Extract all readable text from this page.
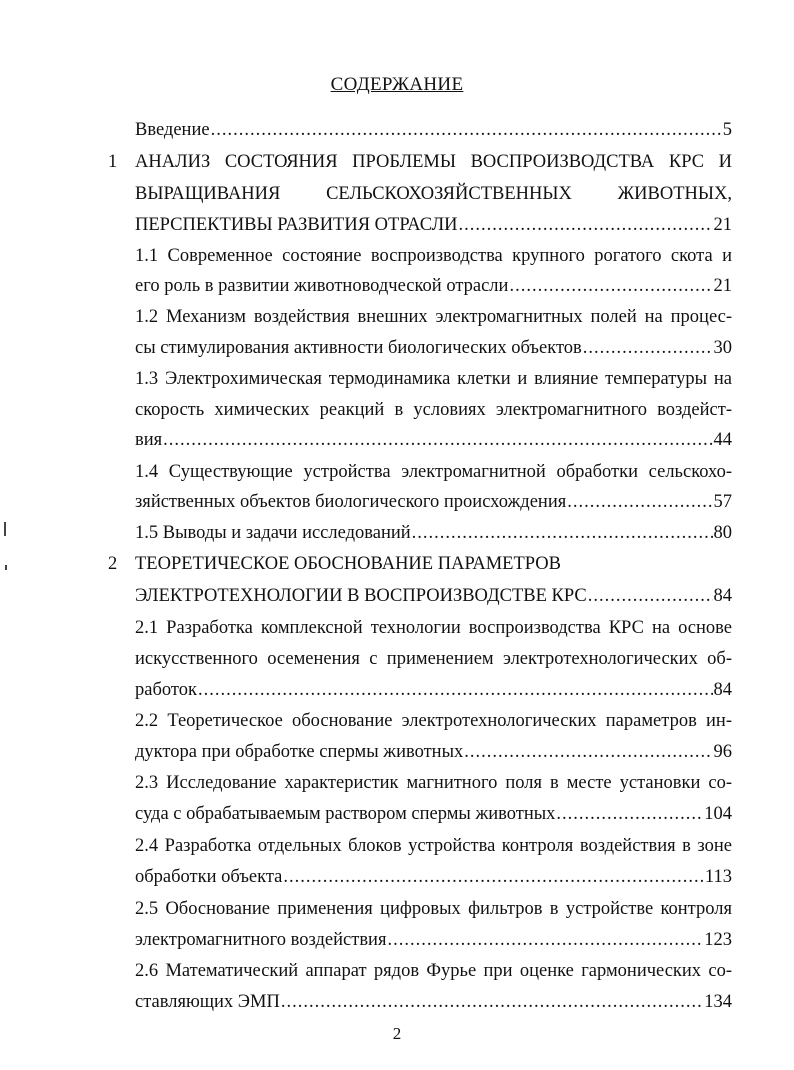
СОДЕРЖАНИЕ
Введение .....	5
1 АНАЛИЗ СОСТОЯНИЯ ПРОБЛЕМЫ ВОСПРОИЗВОДСТВА КРС И
ВЫРАЩИВАНИЯ СЕЛЬСКОХОЗЯЙСТВЕННЫХ ЖИВОТНЫХ,
ПЕРСПЕКТИВЫ РАЗВИТИЯ ОТРАСЛИ .....	21
1.1 Современное состояние воспроизводства крупного рогатого скота и
его роль в развитии животноводческой отрасли .....	21
1.2 Механизм воздействия внешних электромагнитных полей на процес-
сы стимулирования активности биологических объектов .....	30
1.3 Электрохимическая термодинамика клетки и влияние температуры на
скорость химических реакций в условиях электромагнитного воздейст-
вия .....	44
1.4 Существующие устройства электромагнитной обработки сельскохо-
зяйственных объектов биологического происхождения .....	57
1.5 Выводы и задачи исследований .....	80
2 ТЕОРЕТИЧЕСКОЕ ОБОСНОВАНИЕ ПАРАМЕТРОВ
ЭЛЕКТРОТЕХНОЛОГИИ В ВОСПРОИЗВОДСТВЕ КРС .....	84
2.1 Разработка комплексной технологии воспроизводства КРС на основе
искусственного осеменения с применением электротехнологических об-
работок .....	84
2.2 Теоретическое обоснование электротехнологических параметров ин-
дуктора при обработке спермы животных .....	96
2.3 Исследование характеристик магнитного поля в месте установки со-
суда с обрабатываемым раствором спермы животных .....	104
2.4 Разработка отдельных блоков устройства контроля воздействия в зоне
обработки объекта .....	113
2.5 Обоснование применения цифровых фильтров в устройстве контроля
электромагнитного воздействия .....	123
2.6 Математический аппарат рядов Фурье при оценке гармонических со-
ставляющих ЭМП .....	134
2
